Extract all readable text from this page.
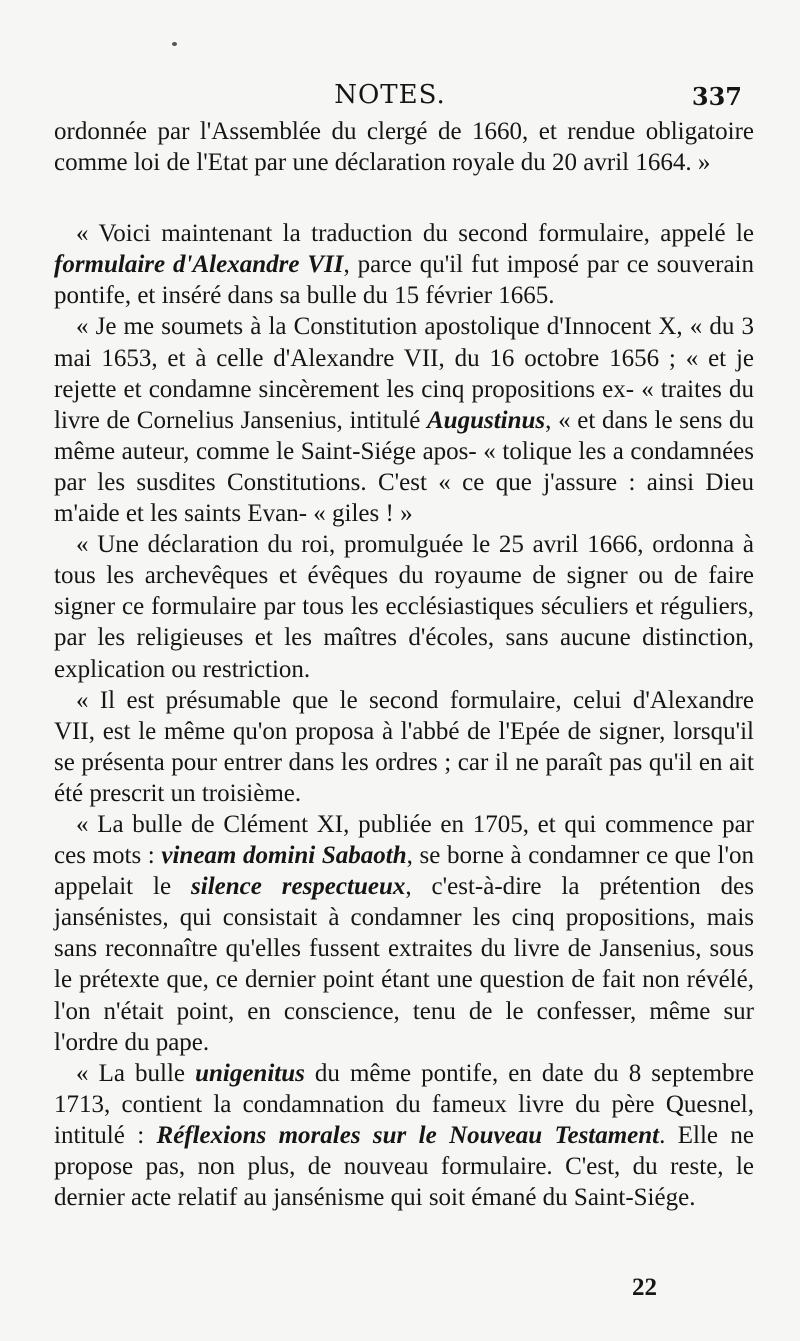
NOTES.	337

ordonnée par l'Assemblée du clergé de 1660, et rendue obligatoire comme loi de l'Etat par une déclaration royale du 20 avril 1664. »

« Voici maintenant la traduction du second formulaire, appelé le formulaire d'Alexandre VII, parce qu'il fut imposé par ce souverain pontife, et inséré dans sa bulle du 15 février 1665.

« Je me soumets à la Constitution apostolique d'Innocent X, « du 3 mai 1653, et à celle d'Alexandre VII, du 16 octobre 1656 ; « et je rejette et condamne sincèrement les cinq propositions ex- « traites du livre de Cornelius Jansenius, intitulé Augustinus, « et dans le sens du même auteur, comme le Saint-Siége apos- « tolique les a condamnées par les susdites Constitutions. C'est « ce que j'assure : ainsi Dieu m'aide et les saints Evan- « giles ! »

« Une déclaration du roi, promulguée le 25 avril 1666, ordonna à tous les archevêques et évêques du royaume de signer ou de faire signer ce formulaire par tous les ecclésiastiques séculiers et réguliers, par les religieuses et les maîtres d'écoles, sans aucune distinction, explication ou restriction.

« Il est présumable que le second formulaire, celui d'Alexandre VII, est le même qu'on proposa à l'abbé de l'Epée de signer, lorsqu'il se présenta pour entrer dans les ordres ; car il ne paraît pas qu'il en ait été prescrit un troisième.

« La bulle de Clément XI, publiée en 1705, et qui commence par ces mots : vineam domini Sabaoth, se borne à condamner ce que l'on appelait le silence respectueux, c'est-à-dire la prétention des jansénistes, qui consistait à condamner les cinq propositions, mais sans reconnaître qu'elles fussent extraites du livre de Jansenius, sous le prétexte que, ce dernier point étant une question de fait non révélé, l'on n'était point, en conscience, tenu de le confesser, même sur l'ordre du pape.

« La bulle unigenitus du même pontife, en date du 8 septembre 1713, contient la condamnation du fameux livre du père Quesnel, intitulé : Réflexions morales sur le Nouveau Testament. Elle ne propose pas, non plus, de nouveau formulaire. C'est, du reste, le dernier acte relatif au jansénisme qui soit émané du Saint-Siége.

22
